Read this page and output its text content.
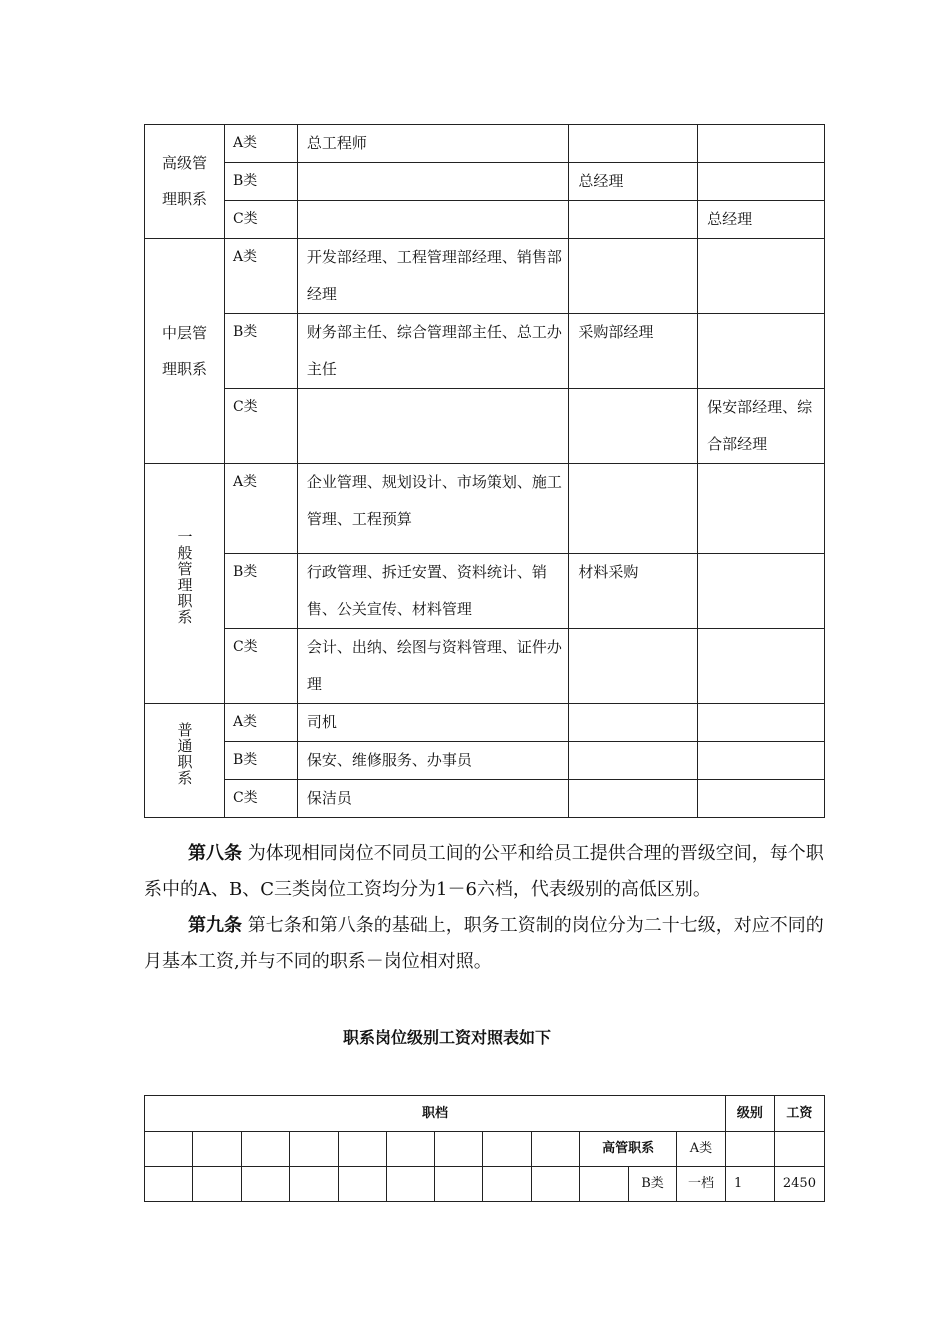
高级管理职系	A类	总工程师		
	B类		总经理	
	C类			总经理
中层管理职系	A类	开发部经理、工程管理部经理、销售部经理		
	B类	财务部主任、综合管理部主任、总工办主任	采购部经理	
	C类			保安部经理、综合部经理
一般管理职系	A类	企业管理、规划设计、市场策划、施工管理、工程预算		
	B类	行政管理、拆迁安置、资料统计、销售、公关宣传、材料管理	材料采购	
	C类	会计、出纳、绘图与资料管理、证件办理		
普通职系	A类	司机		
	B类	保安、维修服务、办事员		
	C类	保洁员		

第八条 为体现相同岗位不同员工间的公平和给员工提供合理的晋级空间，每个职系中的A、B、C三类岗位工资均分为1－6六档，代表级别的高低区别。

第九条 第七条和第八条的基础上，职务工资制的岗位分为二十七级，对应不同的月基本工资,并与不同的职系－岗位相对照。

职系岗位级别工资对照表如下

职档												级别	工资
									高管职系		A类		
										B类	一档	1	2450
